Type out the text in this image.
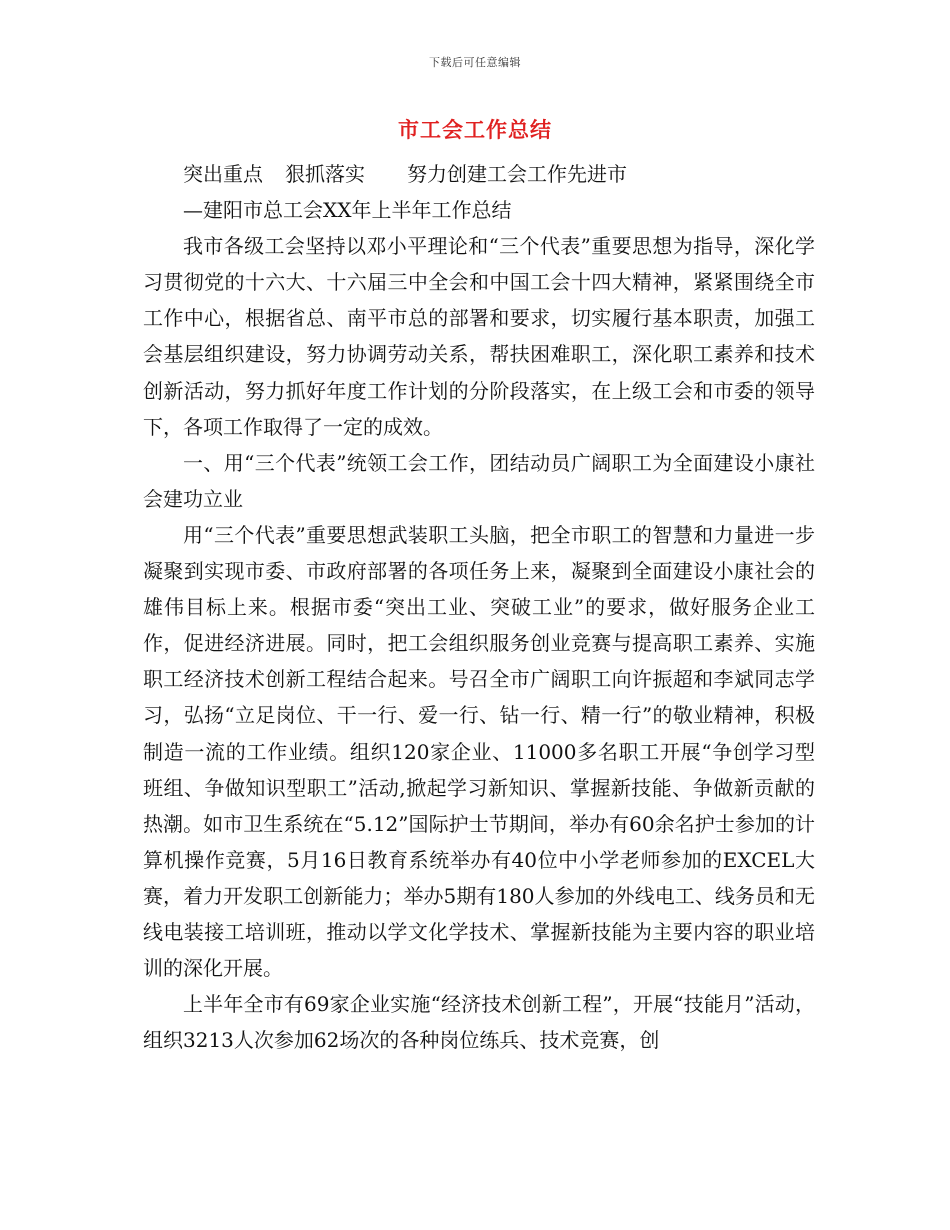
下载后可任意编辑
市工会工作总结

突出重点 狠抓落实 努力创建工会工作先进市

—建阳市总工会XX年上半年工作总结

我市各级工会坚持以邓小平理论和“三个代表”重要思想为指导，深化学习贯彻党的十六大、十六届三中全会和中国工会十四大精神，紧紧围绕全市工作中心，根据省总、南平市总的部署和要求，切实履行基本职责，加强工会基层组织建设，努力协调劳动关系，帮扶困难职工，深化职工素养和技术创新活动，努力抓好年度工作计划的分阶段落实，在上级工会和市委的领导下，各项工作取得了一定的成效。

一、用“三个代表”统领工会工作，团结动员广阔职工为全面建设小康社会建功立业

用“三个代表”重要思想武装职工头脑，把全市职工的智慧和力量进一步凝聚到实现市委、市政府部署的各项任务上来，凝聚到全面建设小康社会的雄伟目标上来。根据市委“突出工业、突破工业”的要求，做好服务企业工作，促进经济进展。同时，把工会组织服务创业竞赛与提高职工素养、实施职工经济技术创新工程结合起来。号召全市广阔职工向许振超和李斌同志学习，弘扬“立足岗位、干一行、爱一行、钻一行、精一行”的敬业精神，积极制造一流的工作业绩。组织120家企业、11000多名职工开展“争创学习型班组、争做知识型职工”活动,掀起学习新知识、掌握新技能、争做新贡献的热潮。如市卫生系统在“5.12”国际护士节期间，举办有60余名护士参加的计算机操作竞赛，5月16日教育系统举办有40位中小学老师参加的EXCEL大赛，着力开发职工创新能力；举办5期有180人参加的外线电工、线务员和无线电装接工培训班，推动以学文化学技术、掌握新技能为主要内容的职业培训的深化开展。

上半年全市有69家企业实施“经济技术创新工程”，开展“技能月”活动，组织3213人次参加62场次的各种岗位练兵、技术竞赛，创
